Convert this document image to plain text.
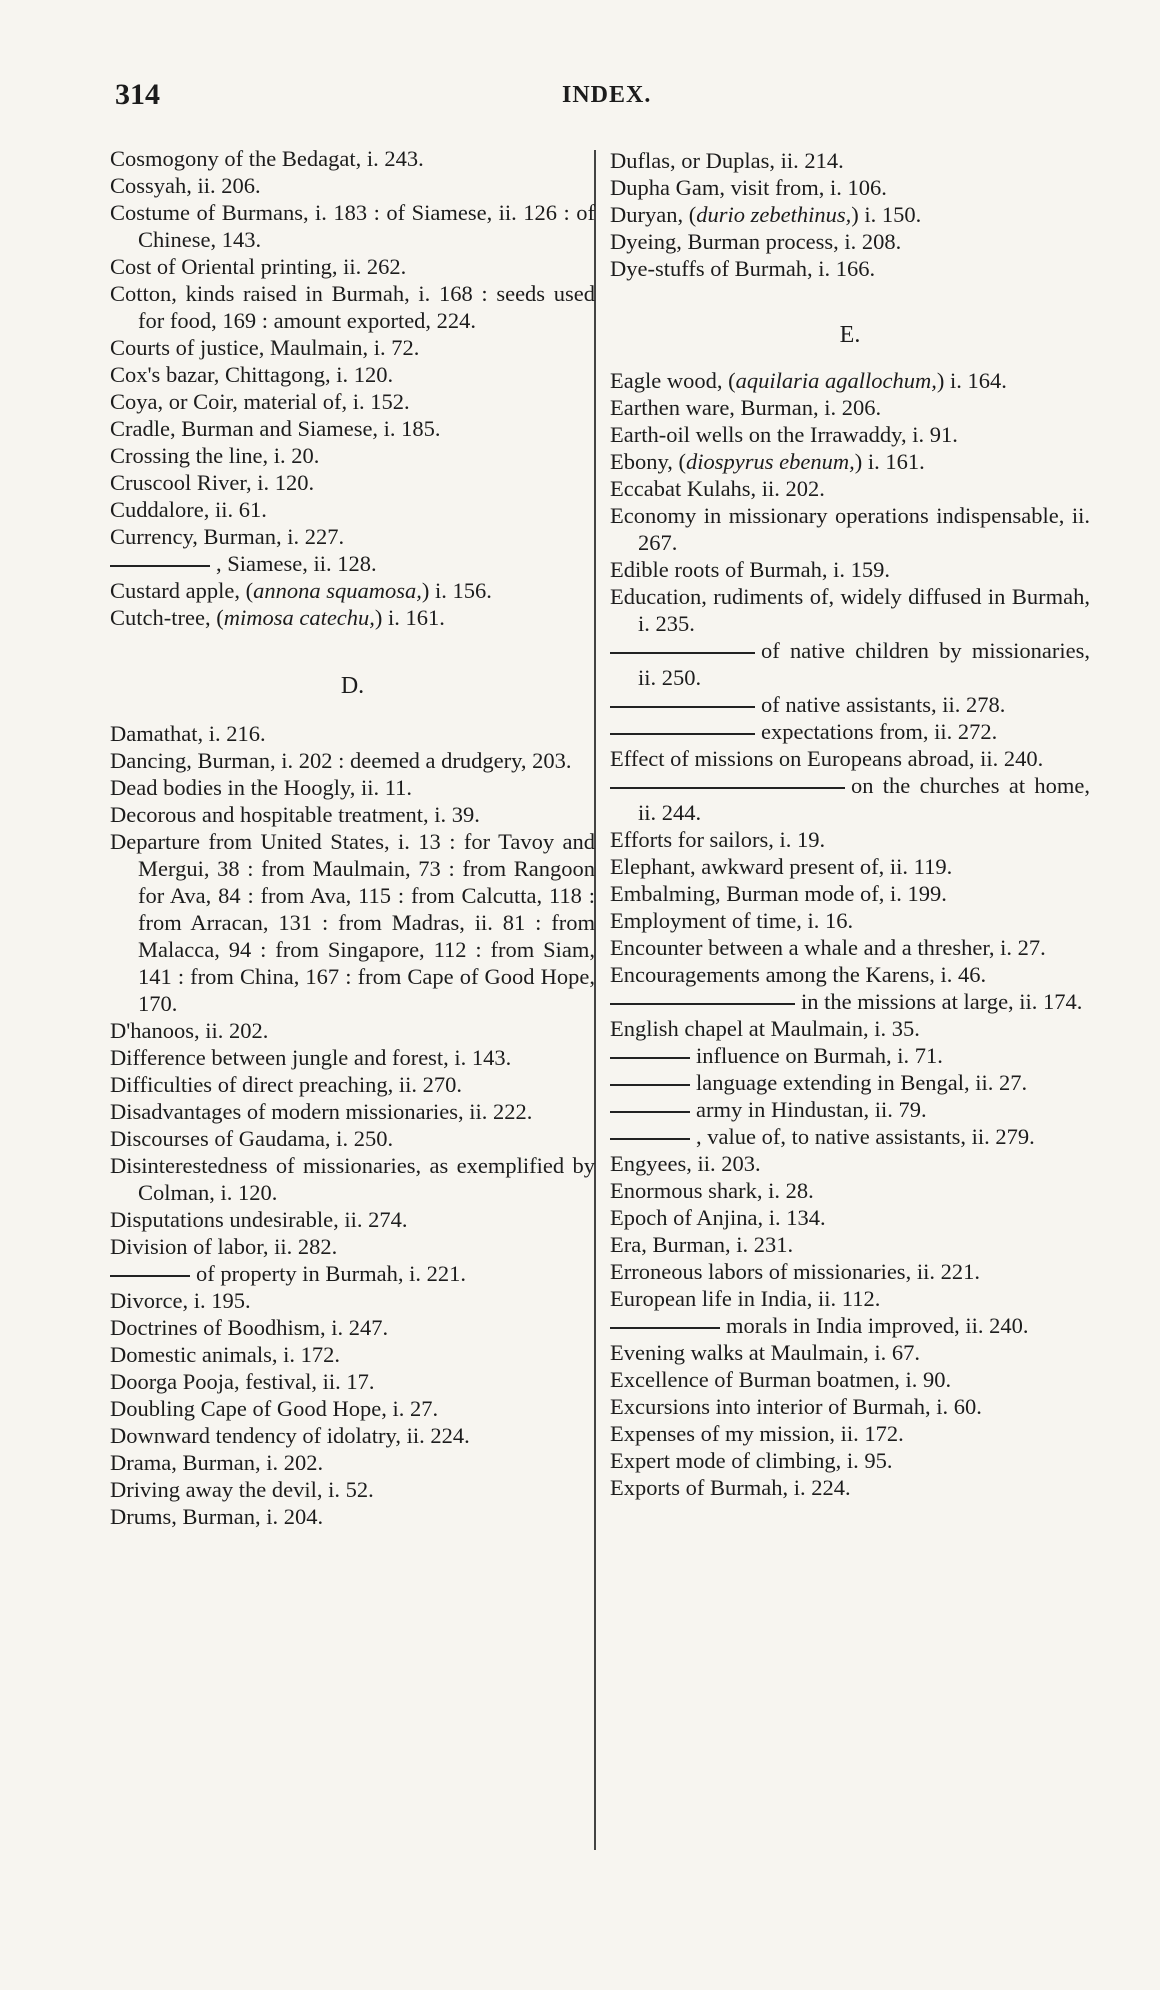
314	INDEX.
Cosmogony of the Bedagat, i. 243.
Cossyah, ii. 206.
Costume of Burmans, i. 183 : of Siamese, ii. 126 : of Chinese, 143.
Cost of Oriental printing, ii. 262.
Cotton, kinds raised in Burmah, i. 168 : seeds used for food, 169 : amount exported, 224.
Courts of justice, Maulmain, i. 72.
Cox's bazar, Chittagong, i. 120.
Coya, or Coir, material of, i. 152.
Cradle, Burman and Siamese, i. 185.
Crossing the line, i. 20.
Cruscool River, i. 120.
Cuddalore, ii. 61.
Currency, Burman, i. 227.
, Siamese, ii. 128.
Custard apple, (annona squamosa,) i. 156.
Cutch-tree, (mimosa catechu,) i. 161.
D.
Damathat, i. 216.
Dancing, Burman, i. 202 : deemed a drudgery, 203.
Dead bodies in the Hoogly, ii. 11.
Decorous and hospitable treatment, i. 39.
Departure from United States, i. 13 : for Tavoy and Mergui, 38 : from Maulmain, 73 : from Rangoon for Ava, 84 : from Ava, 115 : from Calcutta, 118 : from Arracan, 131 : from Madras, ii. 81 : from Malacca, 94 : from Singapore, 112 : from Siam, 141 : from China, 167 : from Cape of Good Hope, 170.
D'hanoos, ii. 202.
Difference between jungle and forest, i. 143.
Difficulties of direct preaching, ii. 270.
Disadvantages of modern missionaries, ii. 222.
Discourses of Gaudama, i. 250.
Disinterestedness of missionaries, as exemplified by Colman, i. 120.
Disputations undesirable, ii. 274.
Division of labor, ii. 282.
of property in Burmah, i. 221.
Divorce, i. 195.
Doctrines of Boodhism, i. 247.
Domestic animals, i. 172.
Doorga Pooja, festival, ii. 17.
Doubling Cape of Good Hope, i. 27.
Downward tendency of idolatry, ii. 224.
Drama, Burman, i. 202.
Driving away the devil, i. 52.
Drums, Burman, i. 204.
Duflas, or Duplas, ii. 214.
Dupha Gam, visit from, i. 106.
Duryan, (durio zebethinus,) i. 150.
Dyeing, Burman process, i. 208.
Dye-stuffs of Burmah, i. 166.
E.
Eagle wood, (aquilaria agallochum,) i. 164.
Earthen ware, Burman, i. 206.
Earth-oil wells on the Irrawaddy, i. 91.
Ebony, (diospyrus ebenum,) i. 161.
Eccabat Kulahs, ii. 202.
Economy in missionary operations indispensable, ii. 267.
Edible roots of Burmah, i. 159.
Education, rudiments of, widely diffused in Burmah, i. 235.
of native children by missionaries, ii. 250.
of native assistants, ii. 278.
expectations from, ii. 272.
Effect of missions on Europeans abroad, ii. 240.
on the churches at home, ii. 244.
Efforts for sailors, i. 19.
Elephant, awkward present of, ii. 119.
Embalming, Burman mode of, i. 199.
Employment of time, i. 16.
Encounter between a whale and a thresher, i. 27.
Encouragements among the Karens, i. 46.
in the missions at large, ii. 174.
English chapel at Maulmain, i. 35.
influence on Burmah, i. 71.
language extending in Bengal, ii. 27.
army in Hindustan, ii. 79.
, value of, to native assistants, ii. 279.
Engyees, ii. 203.
Enormous shark, i. 28.
Epoch of Anjina, i. 134.
Era, Burman, i. 231.
Erroneous labors of missionaries, ii. 221.
European life in India, ii. 112.
morals in India improved, ii. 240.
Evening walks at Maulmain, i. 67.
Excellence of Burman boatmen, i. 90.
Excursions into interior of Burmah, i. 60.
Expenses of my mission, ii. 172.
Expert mode of climbing, i. 95.
Exports of Burmah, i. 224.
